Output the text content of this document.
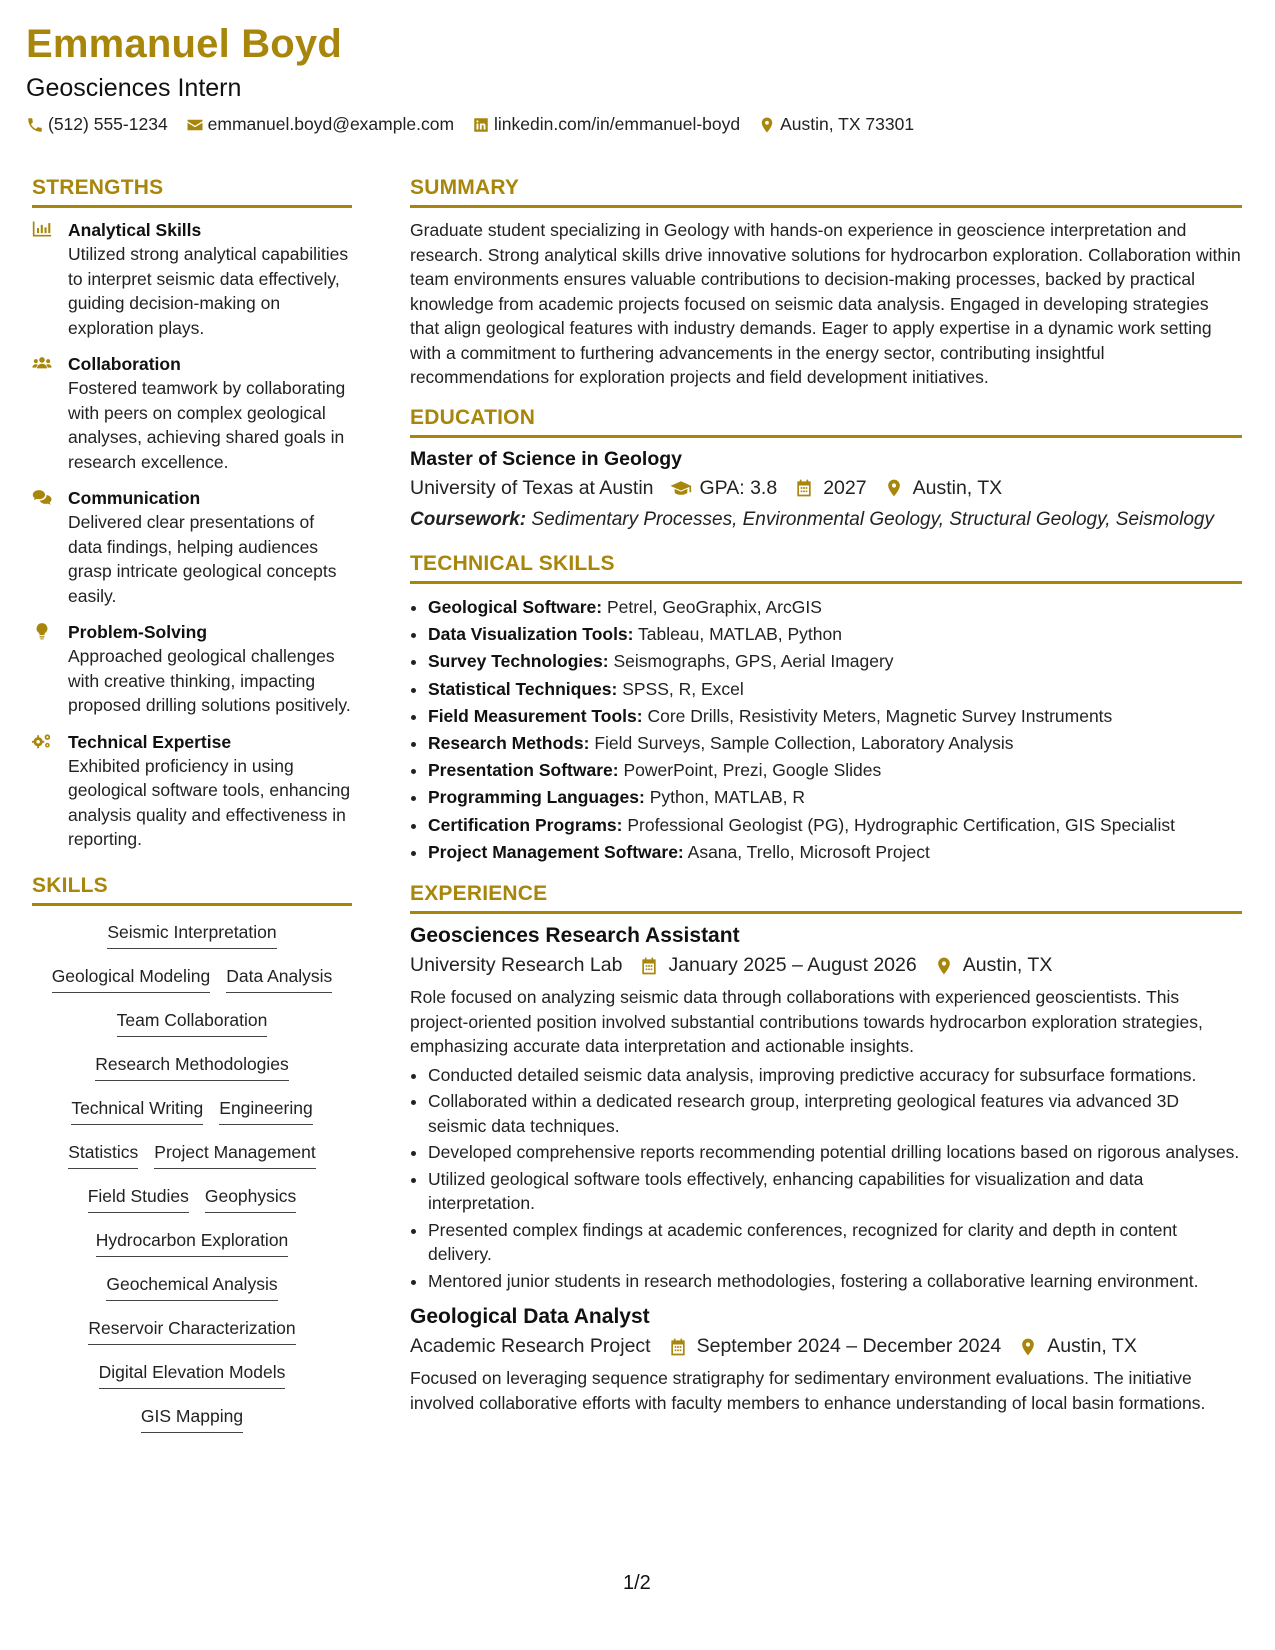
Emmanuel Boyd
Geosciences Intern
(512) 555-1234 emmanuel.boyd@example.com linkedin.com/in/emmanuel-boyd Austin, TX 73301
STRENGTHS
Analytical Skills
Utilized strong analytical capabilities to interpret seismic data effectively, guiding decision-making on exploration plays.
Collaboration
Fostered teamwork by collaborating with peers on complex geological analyses, achieving shared goals in research excellence.
Communication
Delivered clear presentations of data findings, helping audiences grasp intricate geological concepts easily.
Problem-Solving
Approached geological challenges with creative thinking, impacting proposed drilling solutions positively.
Technical Expertise
Exhibited proficiency in using geological software tools, enhancing analysis quality and effectiveness in reporting.
SKILLS
Seismic Interpretation
Geological Modeling Data Analysis
Team Collaboration
Research Methodologies
Technical Writing Engineering
Statistics Project Management
Field Studies Geophysics
Hydrocarbon Exploration
Geochemical Analysis
Reservoir Characterization
Digital Elevation Models
GIS Mapping
SUMMARY

Graduate student specializing in Geology with hands-on experience in geoscience interpretation and research. Strong analytical skills drive innovative solutions for hydrocarbon exploration. Collaboration within team environments ensures valuable contributions to decision-making processes, backed by practical knowledge from academic projects focused on seismic data analysis. Engaged in developing strategies that align geological features with industry demands. Eager to apply expertise in a dynamic work setting with a commitment to furthering advancements in the energy sector, contributing insightful recommendations for exploration projects and field development initiatives.

EDUCATION
Master of Science in Geology
University of Texas at Austin GPA: 3.8 2027 Austin, TX
Coursework: Sedimentary Processes, Environmental Geology, Structural Geology, Seismology
TECHNICAL SKILLS
• Geological Software: Petrel, GeoGraphix, ArcGIS
• Data Visualization Tools: Tableau, MATLAB, Python
• Survey Technologies: Seismographs, GPS, Aerial Imagery
• Statistical Techniques: SPSS, R, Excel
• Field Measurement Tools: Core Drills, Resistivity Meters, Magnetic Survey Instruments
• Research Methods: Field Surveys, Sample Collection, Laboratory Analysis
• Presentation Software: PowerPoint, Prezi, Google Slides
• Programming Languages: Python, MATLAB, R
• Certification Programs: Professional Geologist (PG), Hydrographic Certification, GIS Specialist
• Project Management Software: Asana, Trello, Microsoft Project
EXPERIENCE
Geosciences Research Assistant
University Research Lab January 2025 – August 2026 Austin, TX

Role focused on analyzing seismic data through collaborations with experienced geoscientists. This project-oriented position involved substantial contributions towards hydrocarbon exploration strategies, emphasizing accurate data interpretation and actionable insights.

• Conducted detailed seismic data analysis, improving predictive accuracy for subsurface formations.
• Collaborated within a dedicated research group, interpreting geological features via advanced 3D seismic data techniques.
• Developed comprehensive reports recommending potential drilling locations based on rigorous analyses.
• Utilized geological software tools effectively, enhancing capabilities for visualization and data interpretation.
• Presented complex findings at academic conferences, recognized for clarity and depth in content delivery.
• Mentored junior students in research methodologies, fostering a collaborative learning environment.
Geological Data Analyst
Academic Research Project September 2024 – December 2024 Austin, TX

Focused on leveraging sequence stratigraphy for sedimentary environment evaluations. The initiative involved collaborative efforts with faculty members to enhance understanding of local basin formations.

1/2
